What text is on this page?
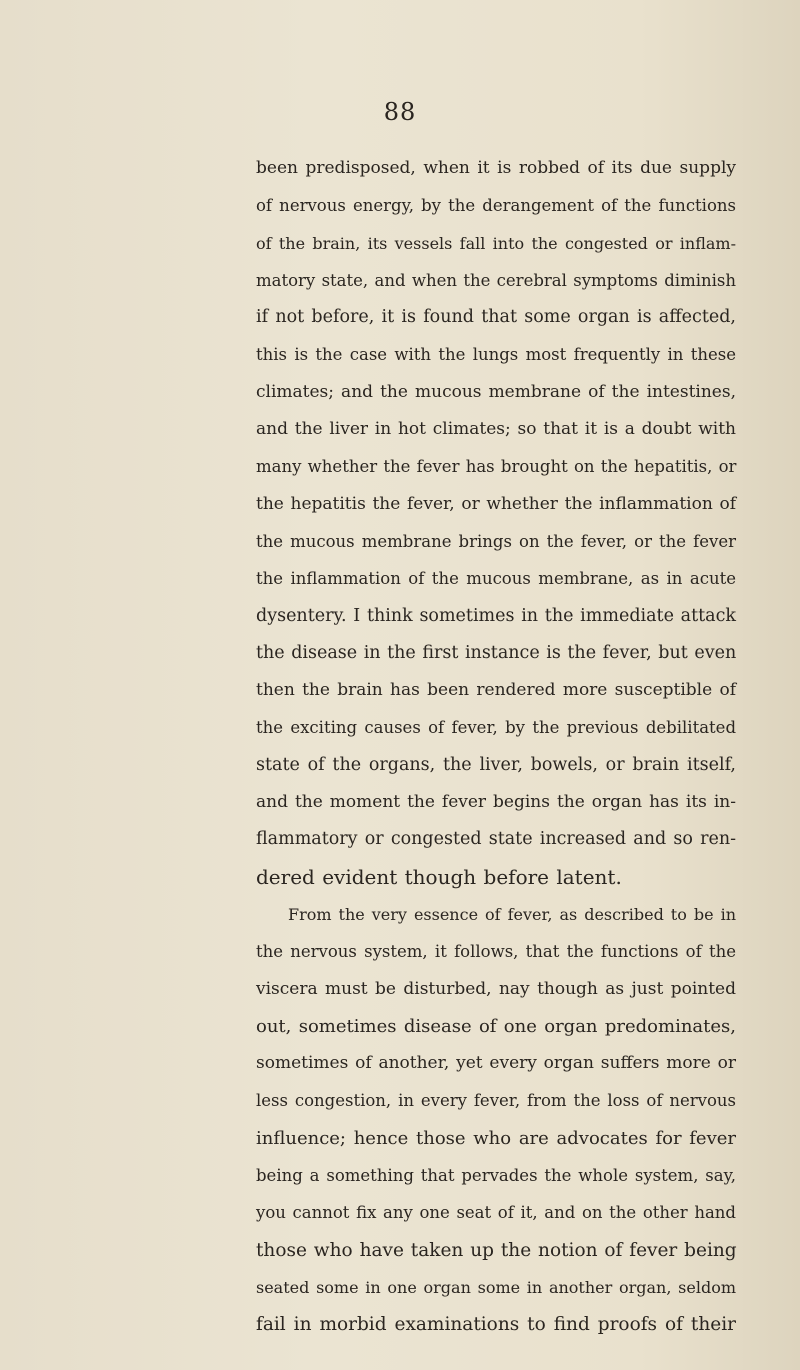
88
been predisposed, when it is robbed of its due supply
of nervous energy, by the derangement of the functions
of the brain, its vessels fall into the congested or inflam-
matory state, and when the cerebral symptoms diminish
if not before, it is found that some organ is affected,
this is the case with the lungs most frequently in these
climates; and the mucous membrane of the intestines,
and the liver in hot climates; so that it is a doubt with
many whether the fever has brought on the hepatitis, or
the hepatitis the fever, or whether the inflammation of
the mucous membrane brings on the fever, or the fever
the inflammation of the mucous membrane, as in acute
dysentery. I think sometimes in the immediate attack
the disease in the first instance is the fever, but even
then the brain has been rendered more susceptible of
the exciting causes of fever, by the previous debilitated
state of the organs, the liver, bowels, or brain itself,
and the moment the fever begins the organ has its in-
flammatory or congested state increased and so ren-
dered evident though before latent.
From the very essence of fever, as described to be in
the nervous system, it follows, that the functions of the
viscera must be disturbed, nay though as just pointed
out, sometimes disease of one organ predominates,
sometimes of another, yet every organ suffers more or
less congestion, in every fever, from the loss of nervous
influence; hence those who are advocates for fever
being a something that pervades the whole system, say,
you cannot fix any one seat of it, and on the other hand
those who have taken up the notion of fever being
seated some in one organ some in another organ, seldom
fail in morbid examinations to find proofs of their
